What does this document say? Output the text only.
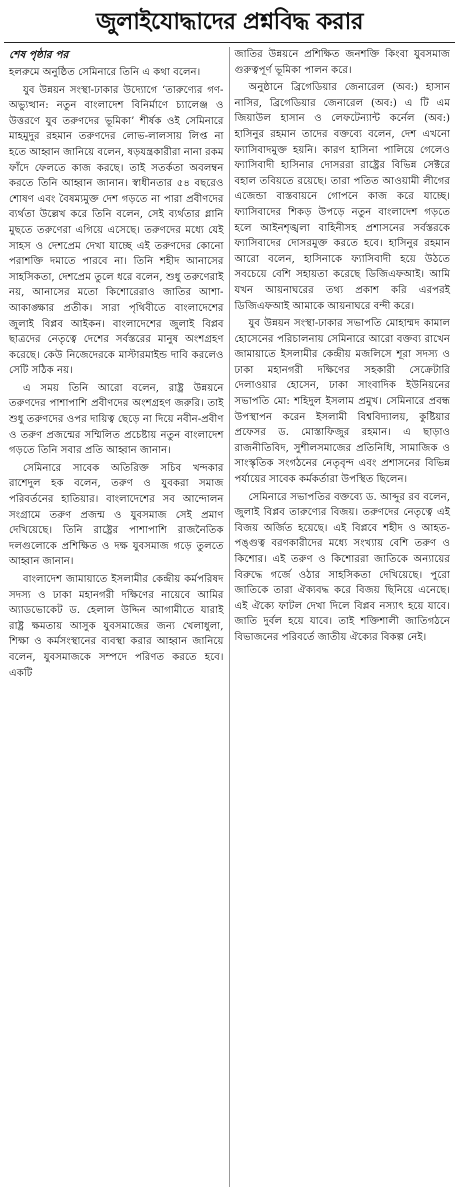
জুলাইযোদ্ধাদের প্রশ্নবিদ্ধ করার
শেষ পৃষ্ঠার পর

হলরুমে অনুষ্ঠিত সেমিনারে তিনি এ কথা বলেন।

যুব উন্নয়ন সংস্থা-ঢাকার উদ্যোগে ‘তারুণ্যের গণ-অভ্যুত্থান: নতুন বাংলাদেশ বিনির্মাণে চ্যালেঞ্জ ও উত্তরণে যুব তরুণদের ভূমিকা’ শীর্ষক ওই সেমিনারে মাহমুদুর রহমান তরুণদের লোভ-লালসায় লিপ্ত না হতে আহ্বান জানিয়ে বলেন, ষড়যন্ত্রকারীরা নানা রকম ফাঁদে ফেলতে কাজ করছে। তাই সতর্কতা অবলম্বন করতে তিনি আহ্বান জানান। স্বাধীনতার ৫৪ বছরেও শোষণ এবং বৈষম্যমুক্ত দেশ গড়তে না পারা প্রবীণদের ব্যর্থতা উল্লেখ করে তিনি বলেন, সেই ব্যর্থতার গ্লানি মুছতে তরুণেরা এগিয়ে এসেছে। তরুণদের মধ্যে যেই সাহস ও দেশপ্রেম দেখা যাচ্ছে এই তরুণদের কোনো পরাশক্তি দমাতে পারবে না। তিনি শহীদ আনাসের সাহসিকতা, দেশপ্রেম তুলে ধরে বলেন, শুধু তরুণেরাই নয়, আনাসের মতো কিশোরেরাও জাতির আশা-আকাঙ্ক্ষার প্রতীক। সারা পৃথিবীতে বাংলাদেশের জুলাই বিপ্লব আইকন। বাংলাদেশের জুলাই বিপ্লব ছাত্রদের নেতৃত্বে দেশের সর্বস্তরের মানুষ অংশগ্রহণ করেছে। কেউ নিজেদেরকে মাস্টারমাইন্ড দাবি করলেও সেটি সঠিক নয়।

এ সময় তিনি আরো বলেন, রাষ্ট্র উন্নয়নে তরুণদের পাশাপাশি প্রবীণদের অংশগ্রহণ জরুরি। তাই শুধু তরুণদের ওপর দায়িত্ব ছেড়ে না দিয়ে নবীন-প্রবীণ ও তরুণ প্রজন্মের সম্মিলিত প্রচেষ্টায় নতুন বাংলাদেশ গড়তে তিনি সবার প্রতি আহ্বান জানান।

সেমিনারে সাবেক অতিরিক্ত সচিব খন্দকার রাশেদুল হক বলেন, তরুণ ও যুবকরা সমাজ পরিবর্তনের হাতিয়ার। বাংলাদেশের সব আন্দোলন সংগ্রামে তরুণ প্রজন্ম ও যুবসমাজ সেই প্রমাণ দেখিয়েছে। তিনি রাষ্ট্রের পাশাপাশি রাজনৈতিক দলগুলোকে প্রশিক্ষিত ও দক্ষ যুবসমাজ গড়ে তুলতে আহ্বান জানান।

বাংলাদেশ জামায়াতে ইসলামীর কেন্দ্রীয় কর্মপরিষদ সদস্য ও ঢাকা মহানগরী দক্ষিণের নায়েবে আমির অ্যাডভোকেট ড. হেলাল উদ্দিন আগামীতে যারাই রাষ্ট্র ক্ষমতায় আসুক যুবসমাজের জন্য খেলাধুলা, শিক্ষা ও কর্মসংস্থানের ব্যবস্থা করার আহ্বান জানিয়ে বলেন, যুবসমাজকে সম্পদে পরিণত করতে হবে। একটি

জাতির উন্নয়নে প্রশিক্ষিত জনশক্তি কিংবা যুবসমাজ গুরুত্বপূর্ণ ভূমিকা পালন করে।

অনুষ্ঠানে ব্রিগেডিয়ার জেনারেল (অব:) হাসান নাসির, ব্রিগেডিয়ার জেনারেল (অব:) এ টি এম জিয়াউল হাসান ও লেফটেন্যান্ট কর্নেল (অব:) হাসিনুর রহমান তাদের বক্তব্যে বলেন, দেশ এখনো ফ্যাসিবাদমুক্ত হয়নি। কারণ হাসিনা পালিয়ে গেলেও ফ্যাসিবাদী হাসিনার দোসররা রাষ্ট্রের বিভিন্ন সেক্টরে বহাল তবিয়তে রয়েছে। তারা পতিত আওয়ামী লীগের এজেন্ডা বাস্তবায়নে গোপনে কাজ করে যাচ্ছে। ফ্যাসিবাদের শিকড় উপড়ে নতুন বাংলাদেশ গড়তে হলে আইনশৃঙ্খলা বাহিনীসহ প্রশাসনের সর্বস্তরকে ফ্যাসিবাদের দোসরমুক্ত করতে হবে। হাসিনুর রহমান আরো বলেন, হাসিনাকে ফ্যাসিবাদী হয়ে উঠতে সবচেয়ে বেশি সহায়তা করেছে ডিজিএফআই। আমি যখন আয়নাঘরের তথ্য প্রকাশ করি এরপরই ডিজিএফআই আমাকে আয়নাঘরে বন্দী করে।

যুব উন্নয়ন সংস্থা-ঢাকার সভাপতি মোহাম্মদ কামাল হোসেনের পরিচালনায় সেমিনারে আরো বক্তব্য রাখেন জামায়াতে ইসলামীর কেন্দ্রীয় মজলিসে শূরা সদস্য ও ঢাকা মহানগরী দক্ষিণের সহকারী সেক্রেটারি দেলাওয়ার হোসেন, ঢাকা সাংবাদিক ইউনিয়নের সভাপতি মো: শহিদুল ইসলাম প্রমুখ। সেমিনারে প্রবন্ধ উপস্থাপন করেন ইসলামী বিশ্ববিদ্যালয়, কুষ্টিয়ার প্রফেসর ড. মোস্তাফিজুর রহমান। এ ছাড়াও রাজনীতিবিদ, সুশীলসমাজের প্রতিনিধি, সামাজিক ও সাংস্কৃতিক সংগঠনের নেতৃবৃন্দ এবং প্রশাসনের বিভিন্ন পর্যায়ের সাবেক কর্মকর্তারা উপস্থিত ছিলেন।

সেমিনারে সভাপতির বক্তব্যে ড. আব্দুর রব বলেন, জুলাই বিপ্লব তারুণ্যের বিজয়। তরুণদের নেতৃত্বে এই বিজয় অর্জিত হয়েছে। এই বিপ্লবে শহীদ ও আহত-পঙ্গুত্ব বরণকারীদের মধ্যে সংখ্যায় বেশি তরুণ ও কিশোর। এই তরুণ ও কিশোররা জাতিকে অন্যায়ের বিরুদ্ধে গর্জে ওঠার সাহসিকতা দেখিয়েছে। পুরো জাতিকে তারা ঐক্যবদ্ধ করে বিজয় ছিনিয়ে এনেছে। এই ঐক্যে ফাটল দেখা দিলে বিপ্লব নস্যাৎ হয়ে যাবে। জাতি দুর্বল হয়ে যাবে। তাই শক্তিশালী জাতিগঠনে বিভাজনের পরিবর্তে জাতীয় ঐক্যের বিকল্প নেই।
